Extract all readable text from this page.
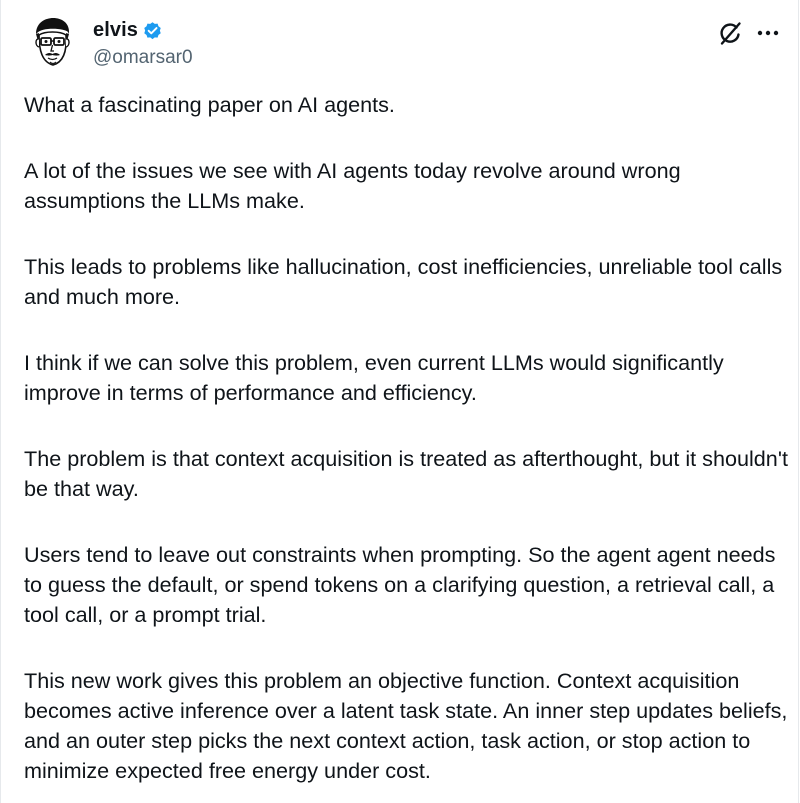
elvis
@omarsar0

What a fascinating paper on AI agents.

A lot of the issues we see with AI agents today revolve around wrong assumptions the LLMs make.

This leads to problems like hallucination, cost inefficiencies, unreliable tool calls and much more.

I think if we can solve this problem, even current LLMs would significantly improve in terms of performance and efficiency.

The problem is that context acquisition is treated as afterthought, but it shouldn't be that way.

Users tend to leave out constraints when prompting. So the agent agent needs to guess the default, or spend tokens on a clarifying question, a retrieval call, a tool call, or a prompt trial.

This new work gives this problem an objective function. Context acquisition becomes active inference over a latent task state. An inner step updates beliefs, and an outer step picks the next context action, task action, or stop action to minimize expected free energy under cost.
